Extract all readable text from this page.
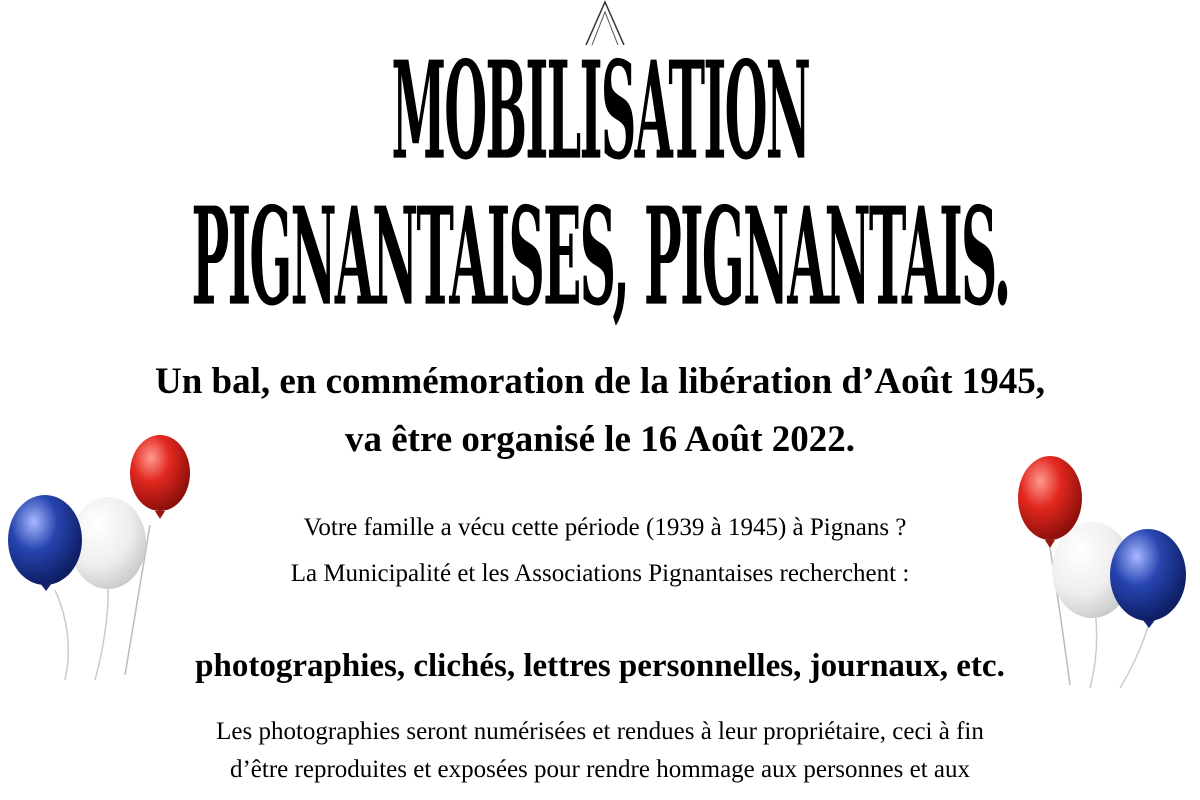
MOBILISATION
PIGNANTAISES, PIGNANTAIS.
Un bal, en commémoration de la libération d’Août 1945,
va être organisé le 16 Août 2022.
Votre famille a vécu cette période (1939 à 1945) à Pignans ?
La Municipalité et les Associations Pignantaises recherchent :
photographies, clichés, lettres personnelles, journaux, etc.
Les photographies seront numérisées et rendues à leur propriétaire, ceci à fin
d’être reproduites et exposées pour rendre hommage aux personnes et aux
